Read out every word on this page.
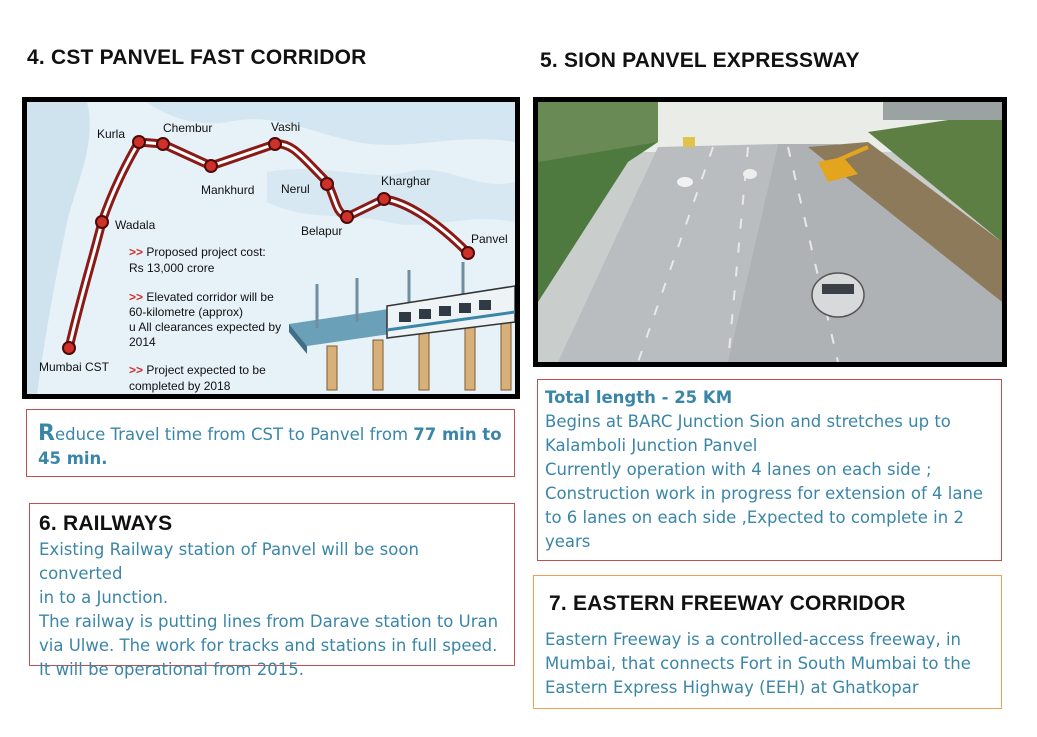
4. CST PANVEL FAST CORRIDOR
Kurla	Chembur	Vashi
Mankhurd Nerul
Kharghar
Wadala	Belapur
Panvel
Mumbai CST
>> Proposed project cost:
Rs 13,000 crore
>> Elevated corridor will be
60-kilometre (approx)
u All clearances expected by
2014
>> Project expected to be
completed by 2018

Reduce Travel time from CST to Panvel from 77 min to
45 min.

5. SION PANVEL EXPRESSWAY

Total length - 25 KM

Begins at BARC Junction Sion and stretches up to

Kalamboli Junction Panvel

Currently operation with 4 lanes on each side ;

Construction work in progress for extension of 4 lane

to 6 lanes on each side ,Expected to complete in 2

years

6. RAILWAYS

Existing Railway station of Panvel will be soon converted

in to a Junction.

The railway is putting lines from Darave station to Uran

via Ulwe. The work for tracks and stations in full speed.

It will be operational from 2015.

7. EASTERN FREEWAY CORRIDOR

Eastern Freeway is a controlled-access freeway, in

Mumbai, that connects Fort in South Mumbai to the

Eastern Express Highway (EEH) at Ghatkopar
